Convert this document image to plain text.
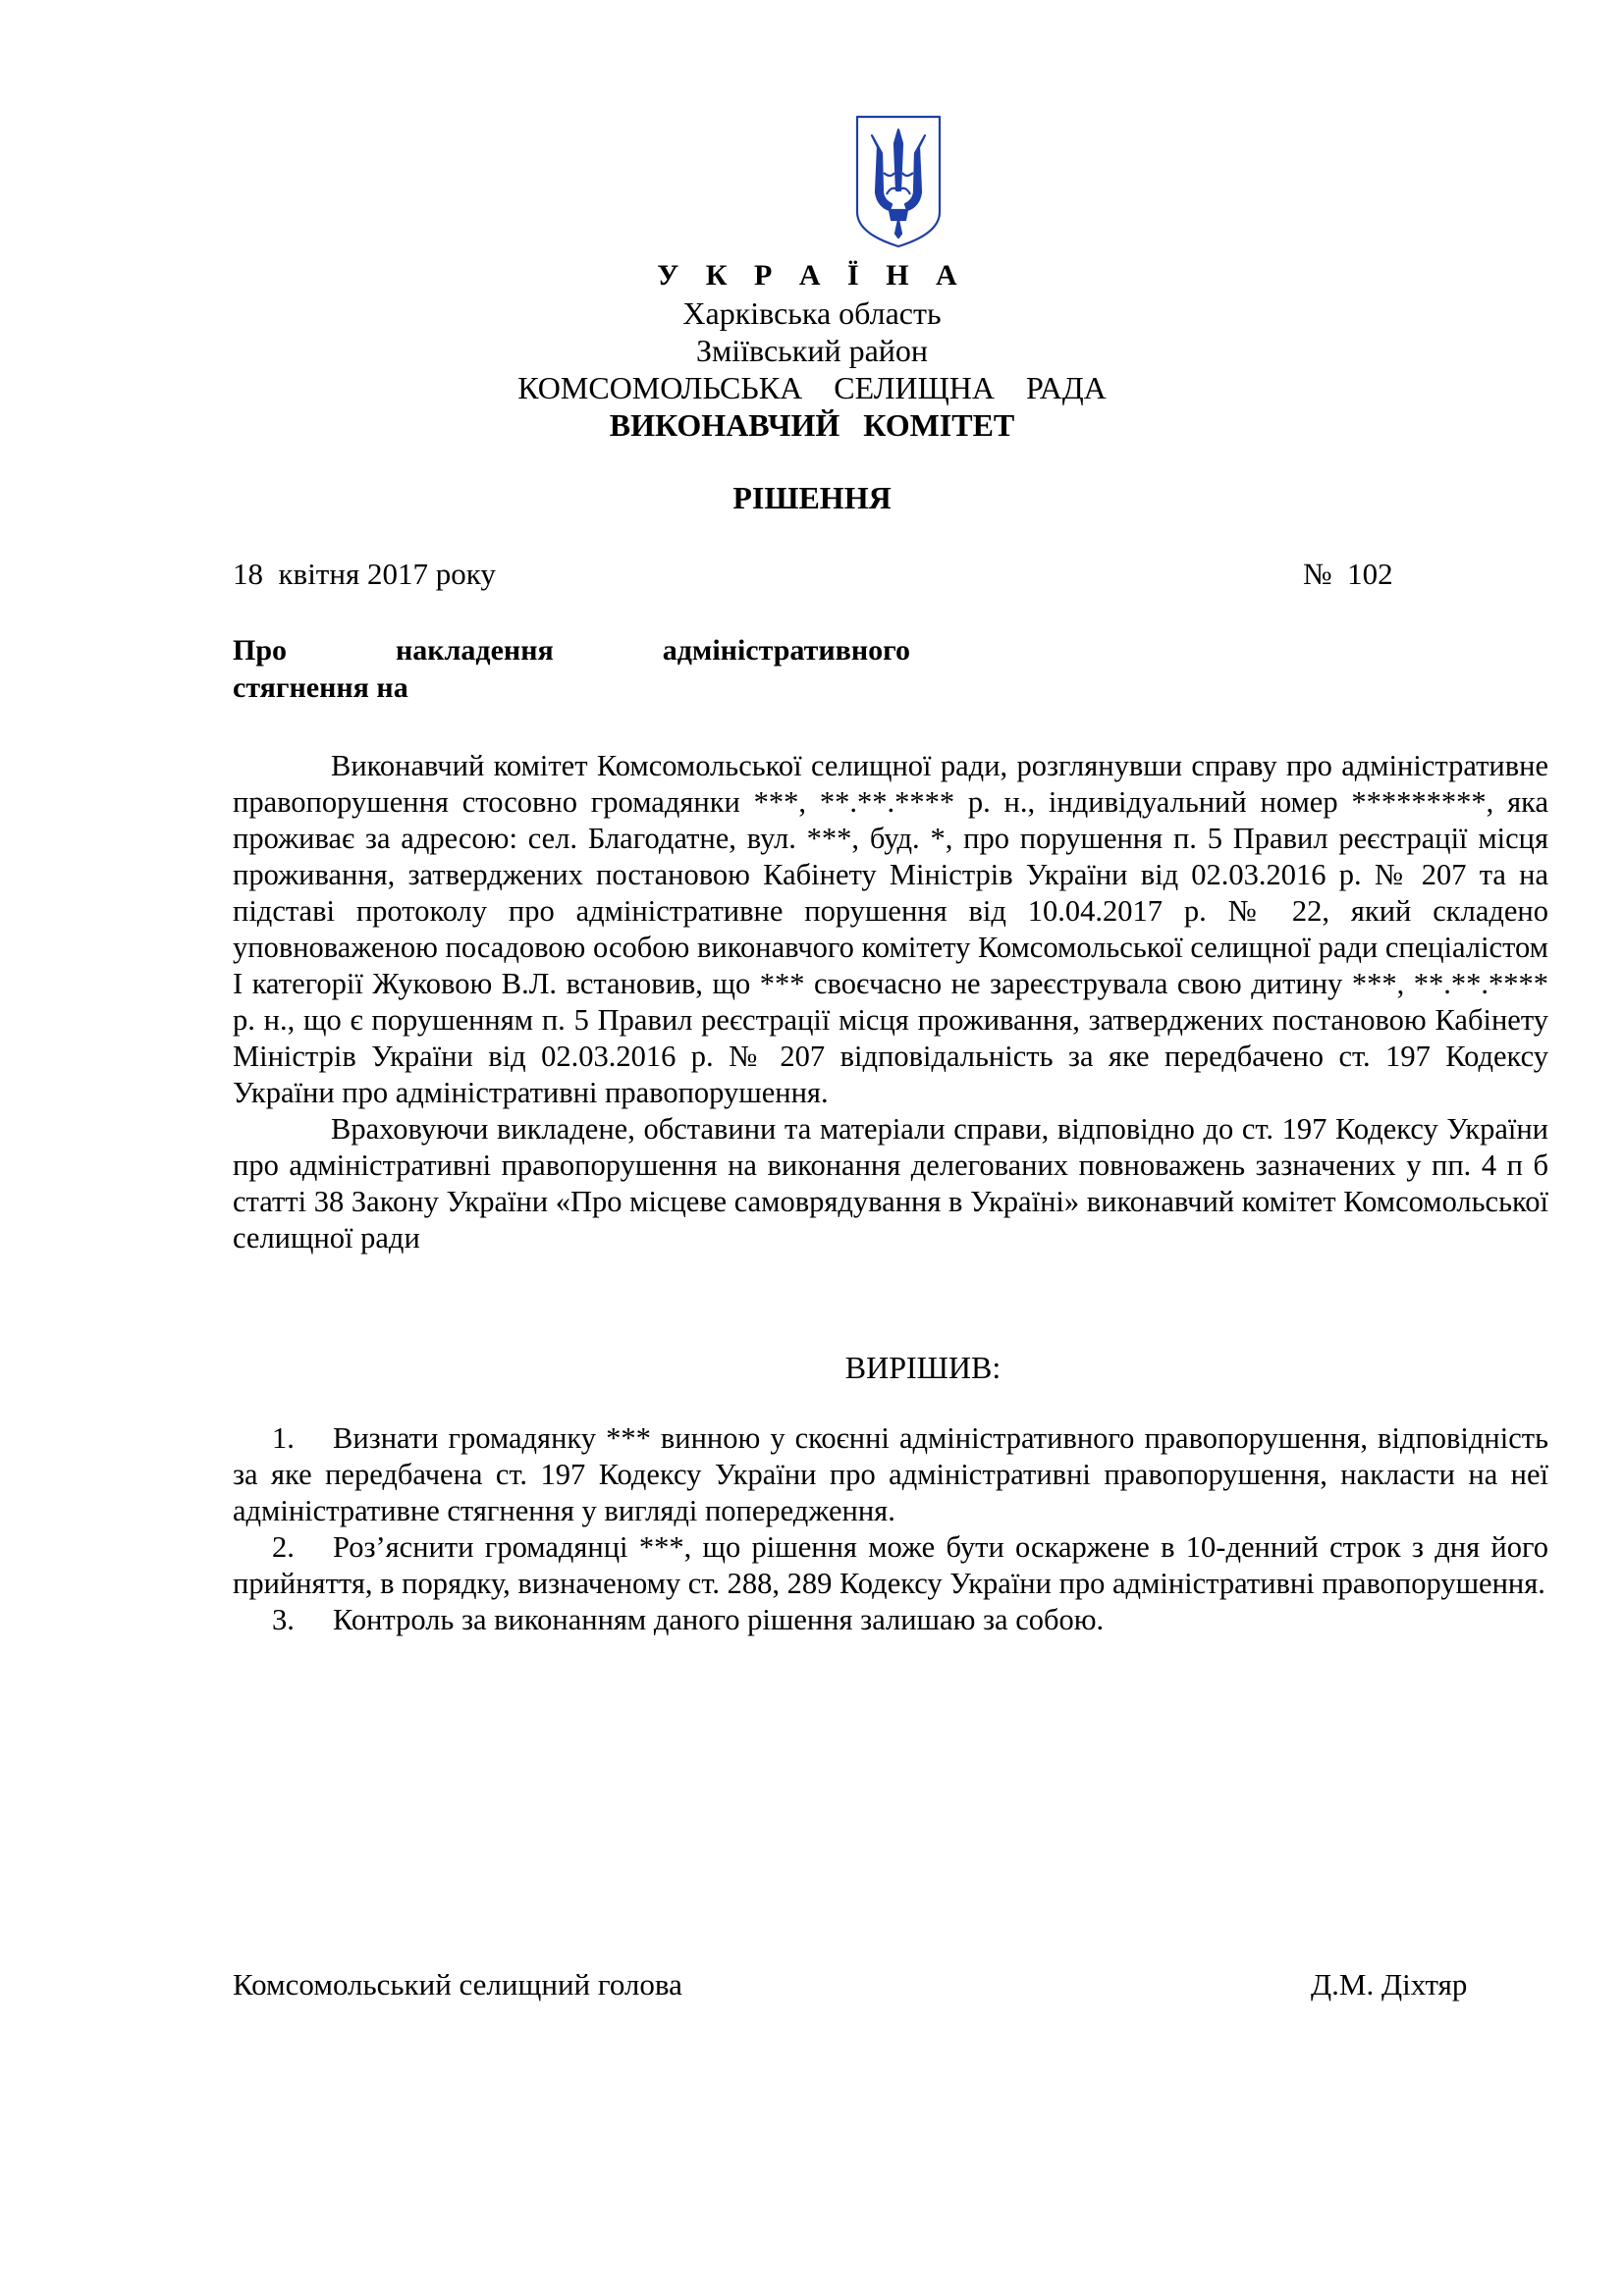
У К Р А Ї Н А
Харківська область
Зміївський район
КОМСОМОЛЬСЬКА  СЕЛИЩНА  РАДА
ВИКОНАВЧИЙ   КОМІТЕТ
РІШЕННЯ
18  квітня 2017 року	№  102
Про накладення адміністративного
стягнення на

Виконавчий комітет Комсомольської селищної ради, розглянувши справу про адміністративне правопорушення стосовно громадянки ***, **.**.**** р. н., індивідуальний номер *********, яка проживає за адресою: сел. Благодатне, вул. ***, буд. *, про порушення п. 5 Правил реєстрації місця проживання, затверджених постановою Кабінету Міністрів України від 02.03.2016 р. № 207 та на підставі протоколу про адміністративне порушення від 10.04.2017 р. № 22, який складено уповноваженою посадовою особою виконавчого комітету Комсомольської селищної ради спеціалістом І категорії Жуковою В.Л. встановив, що *** своєчасно не зареєструвала свою дитину ***, **.**.**** р. н., що є порушенням п. 5 Правил реєстрації місця проживання, затверджених постановою Кабінету Міністрів України від 02.03.2016 р. № 207 відповідальність за яке передбачено ст. 197 Кодексу України про адміністративні правопорушення.

Враховуючи викладене, обставини та матеріали справи, відповідно до ст. 197 Кодексу України про адміністративні правопорушення на виконання делегованих повноважень зазначених у пп. 4 п б статті 38 Закону України «Про місцеве самоврядування в Україні» виконавчий комітет Комсомольської селищної ради

ВИРІШИВ:
1. Визнати громадянку *** винною у скоєнні адміністративного правопорушення, відповідність за яке передбачена ст. 197 Кодексу України про адміністративні правопорушення, накласти на неї адміністративне стягнення у вигляді попередження.
2. Роз’яснити громадянці ***, що рішення може бути оскаржене в 10-денний строк з дня його прийняття, в порядку, визначеному ст. 288, 289 Кодексу України про адміністративні правопорушення.
3. Контроль за виконанням даного рішення залишаю за собою.
Комсомольський селищний голова	Д.М. Діхтяр
